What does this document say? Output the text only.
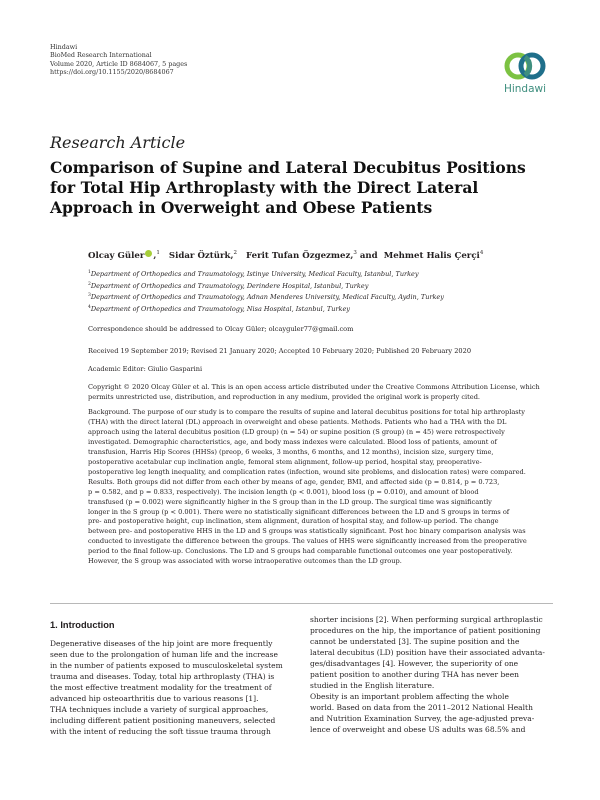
Hindawi
BioMed Research International
Volume 2020, Article ID 8684067, 5 pages
https://doi.org/10.1155/2020/8684067
Hindawi
Research Article
Comparison of Supine and Lateral Decubitus Positions for Total Hip Arthroplasty with the Direct Lateral Approach in Overweight and Obese Patients
Olcay Güler ,$^1$ Sidar Öztürk,$^2$ Ferit Tufan Özgezmez,$^3$ and  Mehmet Halis Çerçi$^4$
$^1$Department of Orthopedics and Traumatology, Istinye University, Medical Faculty, Istanbul, Turkey
$^2$Department of Orthopedics and Traumatology, Derindere Hospital, Istanbul, Turkey
$^3$Department of Orthopedics and Traumatology, Adnan Menderes University, Medical Faculty, Aydin, Turkey
$^4$Department of Orthopedics and Traumatology, Nisa Hospital, Istanbul, Turkey
Correspondence should be addressed to Olcay Güler; olcayguler77@gmail.com
Received 19 September 2019; Revised 21 January 2020; Accepted 10 February 2020; Published 20 February 2020
Academic Editor: Giulio Gasparini
Copyright © 2020 Olcay Güler et al. This is an open access article distributed under the Creative Commons Attribution License, which permits unrestricted use, distribution, and reproduction in any medium, provided the original work is properly cited.
Background. The purpose of our study is to compare the results of supine and lateral decubitus positions for total hip arthroplasty
(THA) with the direct lateral (DL) approach in overweight and obese patients. Methods. Patients who had a THA with the DL
approach using the lateral decubitus position (LD group) (n = 54) or supine position (S group) (n = 45) were retrospectively
investigated. Demographic characteristics, age, and body mass indexes were calculated. Blood loss of patients, amount of
transfusion, Harris Hip Scores (HHSs) (preop, 6 weeks, 3 months, 6 months, and 12 months), incision size, surgery time,
postoperative acetabular cup inclination angle, femoral stem alignment, follow-up period, hospital stay, preoperative-
postoperative leg length inequality, and complication rates (infection, wound site problems, and dislocation rates) were compared.
Results. Both groups did not differ from each other by means of age, gender, BMI, and affected side (p = 0.814, p = 0.723,
p = 0.582, and p = 0.833, respectively). The incision length (p < 0.001), blood loss (p = 0.010), and amount of blood
transfused (p = 0.002) were significantly higher in the S group than in the LD group. The surgical time was significantly
longer in the S group (p < 0.001). There were no statistically significant differences between the LD and S groups in terms of
pre- and postoperative height, cup inclination, stem alignment, duration of hospital stay, and follow-up period. The change
between pre- and postoperative HHS in the LD and S groups was statistically significant. Post hoc binary comparison analysis was
conducted to investigate the difference between the groups. The values of HHS were significantly increased from the preoperative
period to the final follow-up. Conclusions. The LD and S groups had comparable functional outcomes one year postoperatively.
However, the S group was associated with worse intraoperative outcomes than the LD group.
1. Introduction
Degenerative diseases of the hip joint are more frequently
seen due to the prolongation of human life and the increase
in the number of patients exposed to musculoskeletal system
trauma and diseases. Today, total hip arthroplasty (THA) is
the most effective treatment modality for the treatment of
advanced hip osteoarthritis due to various reasons [1].
THA techniques include a variety of surgical approaches,
including different patient positioning maneuvers, selected
with the intent of reducing the soft tissue trauma through
shorter incisions [2]. When performing surgical arthroplastic
procedures on the hip, the importance of patient positioning
cannot be understated [3]. The supine position and the
lateral decubitus (LD) position have their associated advanta-
ges/disadvantages [4]. However, the superiority of one
patient position to another during THA has never been
studied in the English literature.
Obesity is an important problem affecting the whole
world. Based on data from the 2011–2012 National Health
and Nutrition Examination Survey, the age-adjusted preva-
lence of overweight and obese US adults was 68.5% and
